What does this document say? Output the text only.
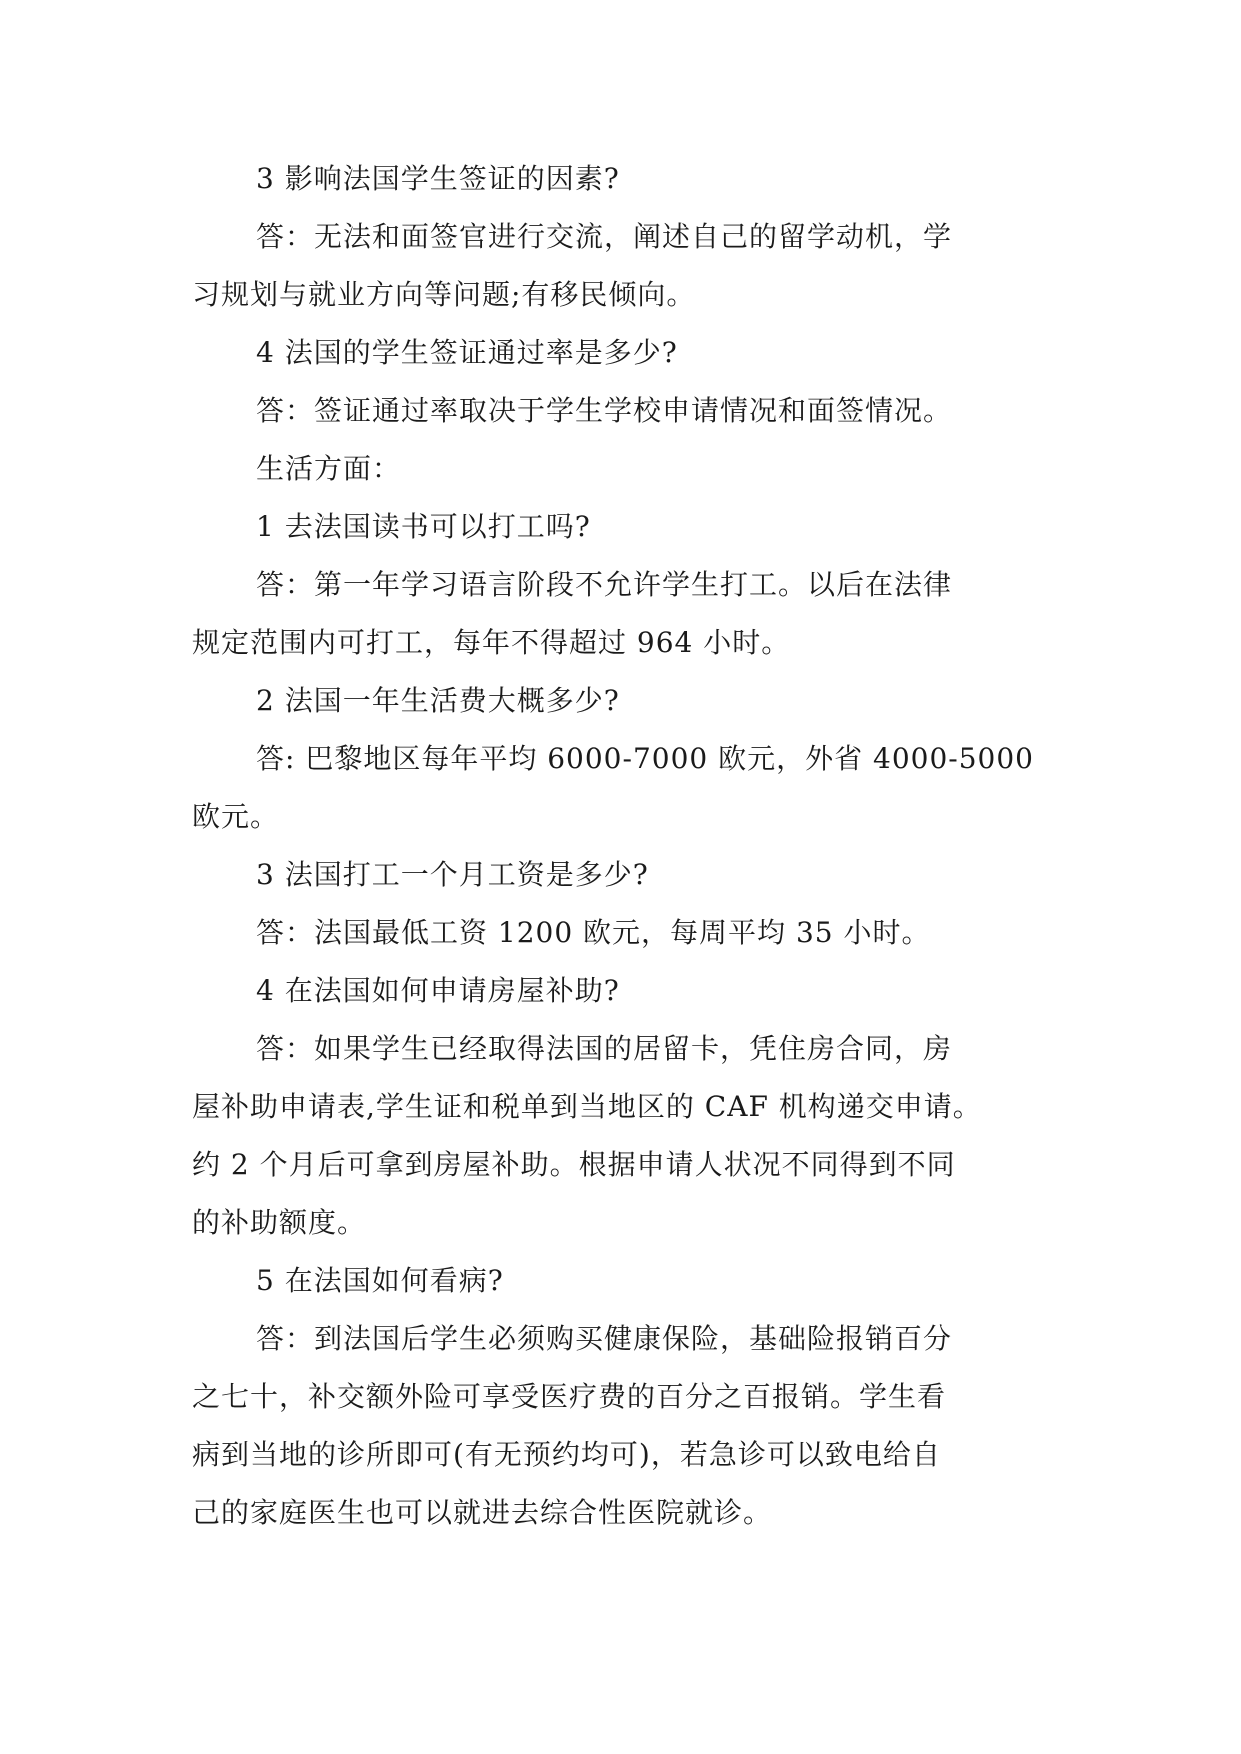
3 影响法国学生签证的因素?
答：无法和面签官进行交流，阐述自己的留学动机，学
习规划与就业方向等问题;有移民倾向。
4 法国的学生签证通过率是多少?
答：签证通过率取决于学生学校申请情况和面签情况。
生活方面：
1 去法国读书可以打工吗?
答：第一年学习语言阶段不允许学生打工。以后在法律
规定范围内可打工，每年不得超过 964 小时。
2 法国一年生活费大概多少?
答: 巴黎地区每年平均 6000-7000 欧元，外省 4000-5000
欧元。
3 法国打工一个月工资是多少?
答：法国最低工资 1200 欧元，每周平均 35 小时。
4 在法国如何申请房屋补助?
答：如果学生已经取得法国的居留卡，凭住房合同，房
屋补助申请表,学生证和税单到当地区的 CAF 机构递交申请。
约 2 个月后可拿到房屋补助。根据申请人状况不同得到不同
的补助额度。
5 在法国如何看病?
答：到法国后学生必须购买健康保险，基础险报销百分
之七十，补交额外险可享受医疗费的百分之百报销。学生看
病到当地的诊所即可(有无预约均可)，若急诊可以致电给自
己的家庭医生也可以就进去综合性医院就诊。
